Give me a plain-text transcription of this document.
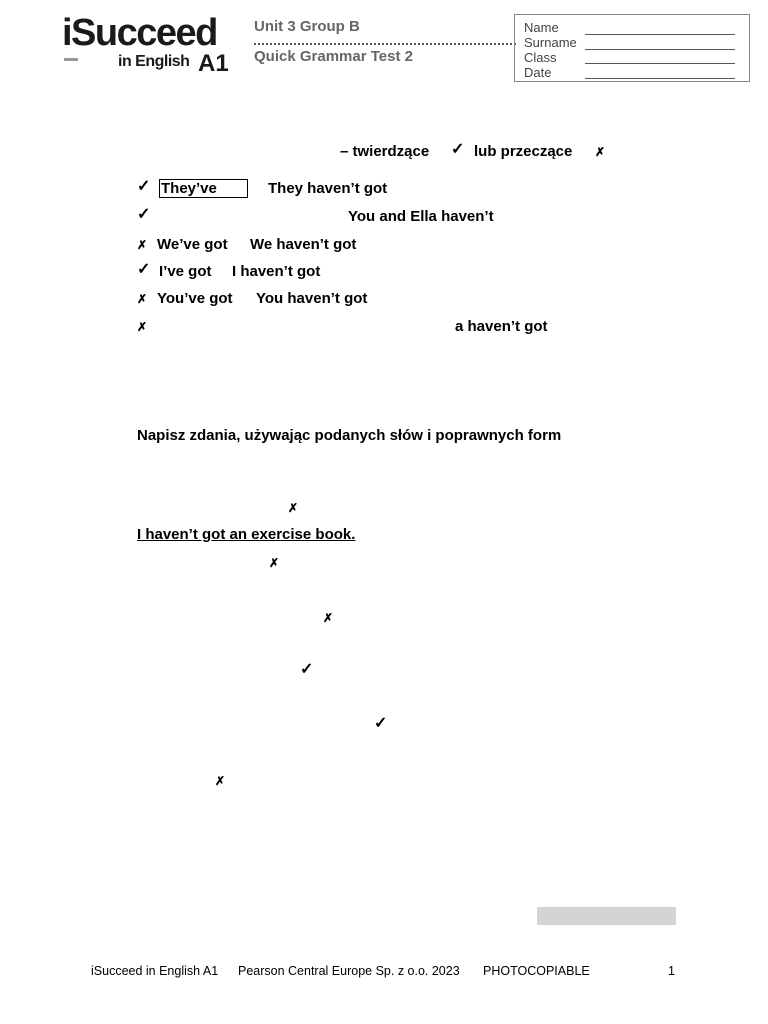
iSucceed
in English A1
Unit 3 Group B
Quick Grammar Test 2
Name
Surname
Class
Date
– twierdzące ✓ lub przeczące ✗
✓ They’ve	They haven’t got
✓	You and Ella haven’t
✗ We’ve got We haven’t got
✓ I’ve got I haven’t got
✗ You’ve got You haven’t got
✗	a haven’t got
Napisz zdania, używając podanych słów i poprawnych form
✗
I haven’t got an exercise book.
✗
✗
✓
✓
✗
iSucceed in English A1 Pearson Central Europe Sp. z o.o. 2023 PHOTOCOPIABLE	1
